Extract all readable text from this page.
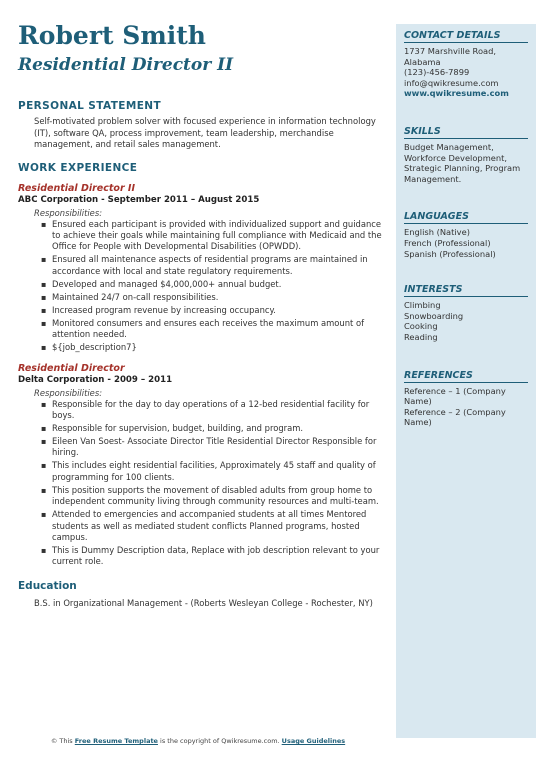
Robert Smith
Residential Director II
PERSONAL STATEMENT
Self-motivated problem solver with focused experience in information technology (IT), software QA, process improvement, team leadership, merchandise management, and retail sales management.
WORK EXPERIENCE
Residential Director II
ABC Corporation - September 2011 – August 2015
Responsibilities:
▪ Ensured each participant is provided with individualized support and guidance to achieve their goals while maintaining full compliance with Medicaid and the Office for People with Developmental Disabilities (OPWDD).
▪ Ensured all maintenance aspects of residential programs are maintained in accordance with local and state regulatory requirements.
▪ Developed and managed $4,000,000+ annual budget.
▪ Maintained 24/7 on-call responsibilities.
▪ Increased program revenue by increasing occupancy.
▪ Monitored consumers and ensures each receives the maximum amount of attention needed.
▪ ${job_description7}
Residential Director
Delta Corporation - 2009 – 2011
Responsibilities:
▪ Responsible for the day to day operations of a 12-bed residential facility for boys.
▪ Responsible for supervision, budget, building, and program.
▪ Eileen Van Soest- Associate Director Title Residential Director Responsible for hiring.
▪ This includes eight residential facilities, Approximately 45 staff and quality of programming for 100 clients.
▪ This position supports the movement of disabled adults from group home to independent community living through community resources and multi-team.
▪ Attended to emergencies and accompanied students at all times Mentored students as well as mediated student conflicts Planned programs, hosted campus.
▪ This is Dummy Description data, Replace with job description relevant to your current role.
Education
B.S. in Organizational Management - (Roberts Wesleyan College - Rochester, NY)
© This Free Resume Template is the copyright of Qwikresume.com. Usage Guidelines
CONTACT DETAILS
1737 Marshville Road, Alabama
(123)-456-7899
info@qwikresume.com
www.qwikresume.com
SKILLS
Budget Management, Workforce Development, Strategic Planning, Program Management.
LANGUAGES
English (Native)
French (Professional)
Spanish (Professional)
INTERESTS
Climbing
Snowboarding
Cooking
Reading
REFERENCES
Reference – 1 (Company Name)
Reference – 2 (Company Name)
